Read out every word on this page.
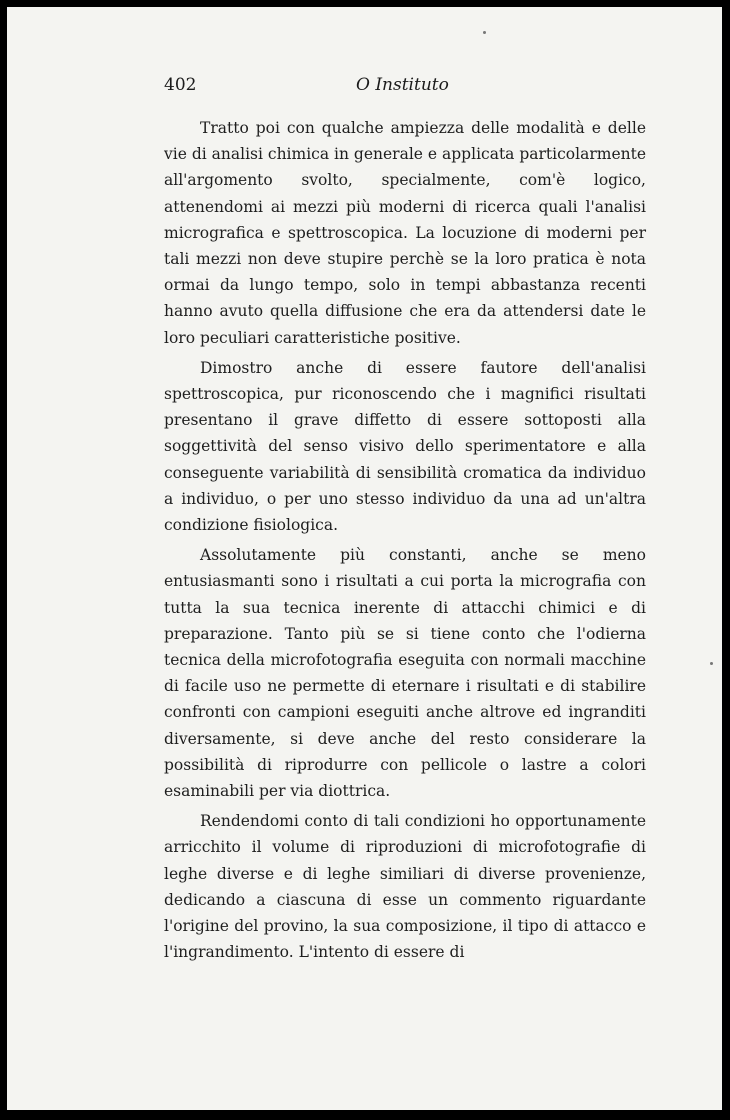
402	O Instituto

Tratto poi con qualche ampiezza delle modalità e delle vie di analisi chimica in generale e applicata particolarmente all'argomento svolto, specialmente, com'è logico, attenendomi ai mezzi più moderni di ricerca quali l'analisi micrografica e spettroscopica. La locuzione di moderni per tali mezzi non deve stupire perchè se la loro pratica è nota ormai da lungo tempo, solo in tempi abbastanza recenti hanno avuto quella diffusione che era da attendersi date le loro peculiari caratteristiche positive.

Dimostro anche di essere fautore dell'analisi spettroscopica, pur riconoscendo che i magnifici risultati presentano il grave diffetto di essere sottoposti alla soggettività del senso visivo dello sperimentatore e alla conseguente variabilità di sensibilità cromatica da individuo a individuo, o per uno stesso individuo da una ad un'altra condizione fisiologica.

Assolutamente più constanti, anche se meno entusiasmanti sono i risultati a cui porta la micrografia con tutta la sua tecnica inerente di attacchi chimici e di preparazione. Tanto più se si tiene conto che l'odierna tecnica della microfotografia eseguita con normali macchine di facile uso ne permette di eternare i risultati e di stabilire confronti con campioni eseguiti anche altrove ed ingranditi diversamente, si deve anche del resto considerare la possibilità di riprodurre con pellicole o lastre a colori esaminabili per via diottrica.

Rendendomi conto di tali condizioni ho opportunamente arricchito il volume di riproduzioni di microfotografie di leghe diverse e di leghe similiari di diverse provenienze, dedicando a ciascuna di esse un commento riguardante l'origine del provino, la sua composizione, il tipo di attacco e l'ingrandimento. L'intento di essere di
